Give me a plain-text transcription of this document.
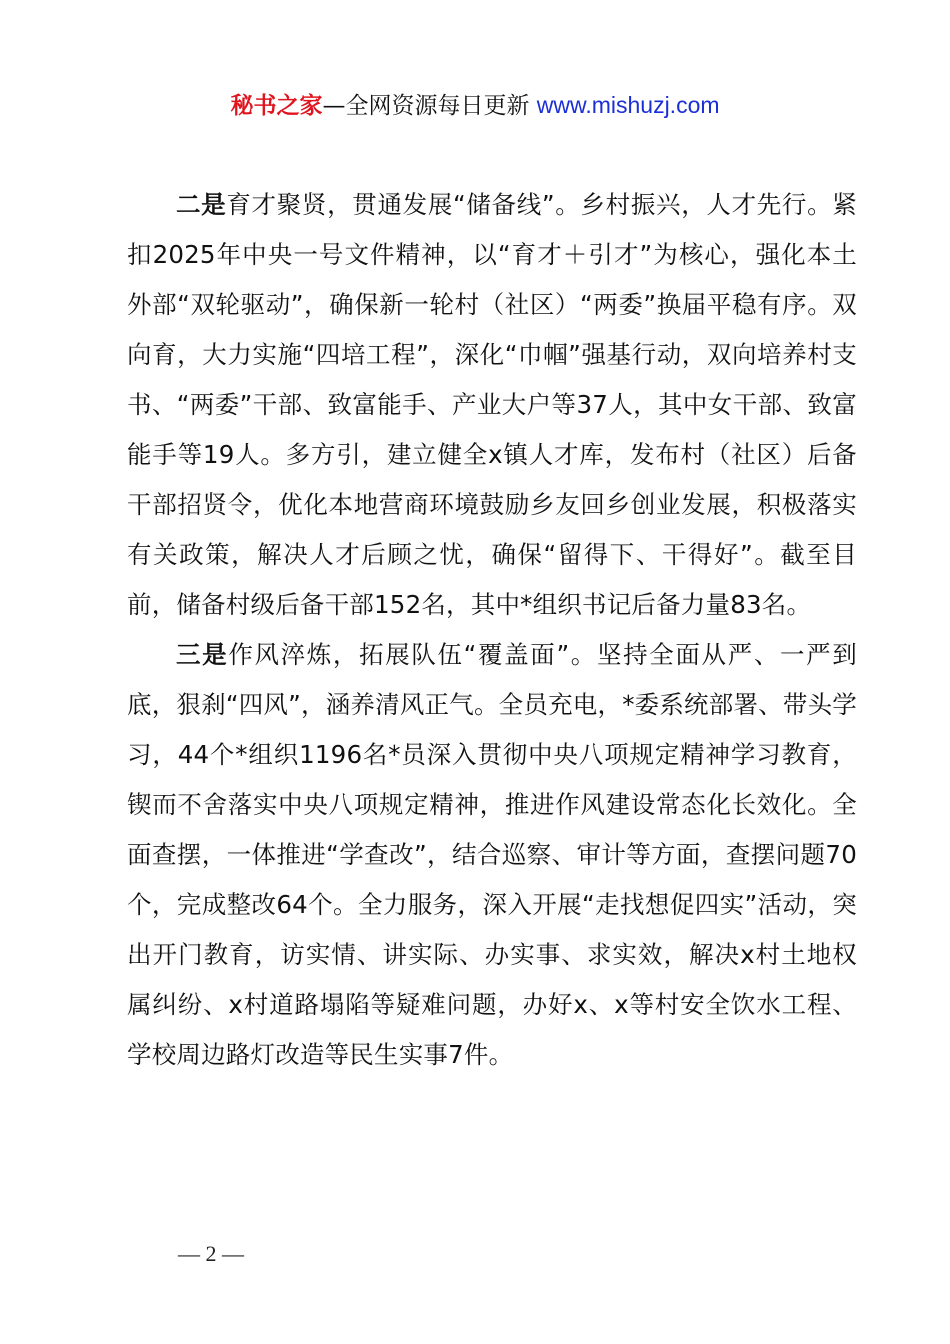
秘书之家—全网资源每日更新 www.mishuzj.com

二是育才聚贤，贯通发展“储备线”。乡村振兴，人才先行。紧扣2025年中央一号文件精神，以“育才＋引才”为核心，强化本土外部“双轮驱动”，确保新一轮村（社区）“两委”换届平稳有序。双向育，大力实施“四培工程”，深化“巾帼”强基行动，双向培养村支书、“两委”干部、致富能手、产业大户等37人，其中女干部、致富能手等19人。多方引，建立健全x镇人才库，发布村（社区）后备干部招贤令，优化本地营商环境鼓励乡友回乡创业发展，积极落实有关政策，解决人才后顾之忧，确保“留得下、干得好”。截至目前，储备村级后备干部152名，其中*组织书记后备力量83名。

三是作风淬炼，拓展队伍“覆盖面”。坚持全面从严、一严到底，狠刹“四风”，涵养清风正气。全员充电，*委系统部署、带头学习，44个*组织1196名*员深入贯彻中央八项规定精神学习教育，锲而不舍落实中央八项规定精神，推进作风建设常态化长效化。全面查摆，一体推进“学查改”，结合巡察、审计等方面，查摆问题70个，完成整改64个。全力服务，深入开展“走找想促四实”活动，突出开门教育，访实情、讲实际、办实事、求实效，解决x村土地权属纠纷、x村道路塌陷等疑难问题，办好x、x等村安全饮水工程、学校周边路灯改造等民生实事7件。

— 2 —
